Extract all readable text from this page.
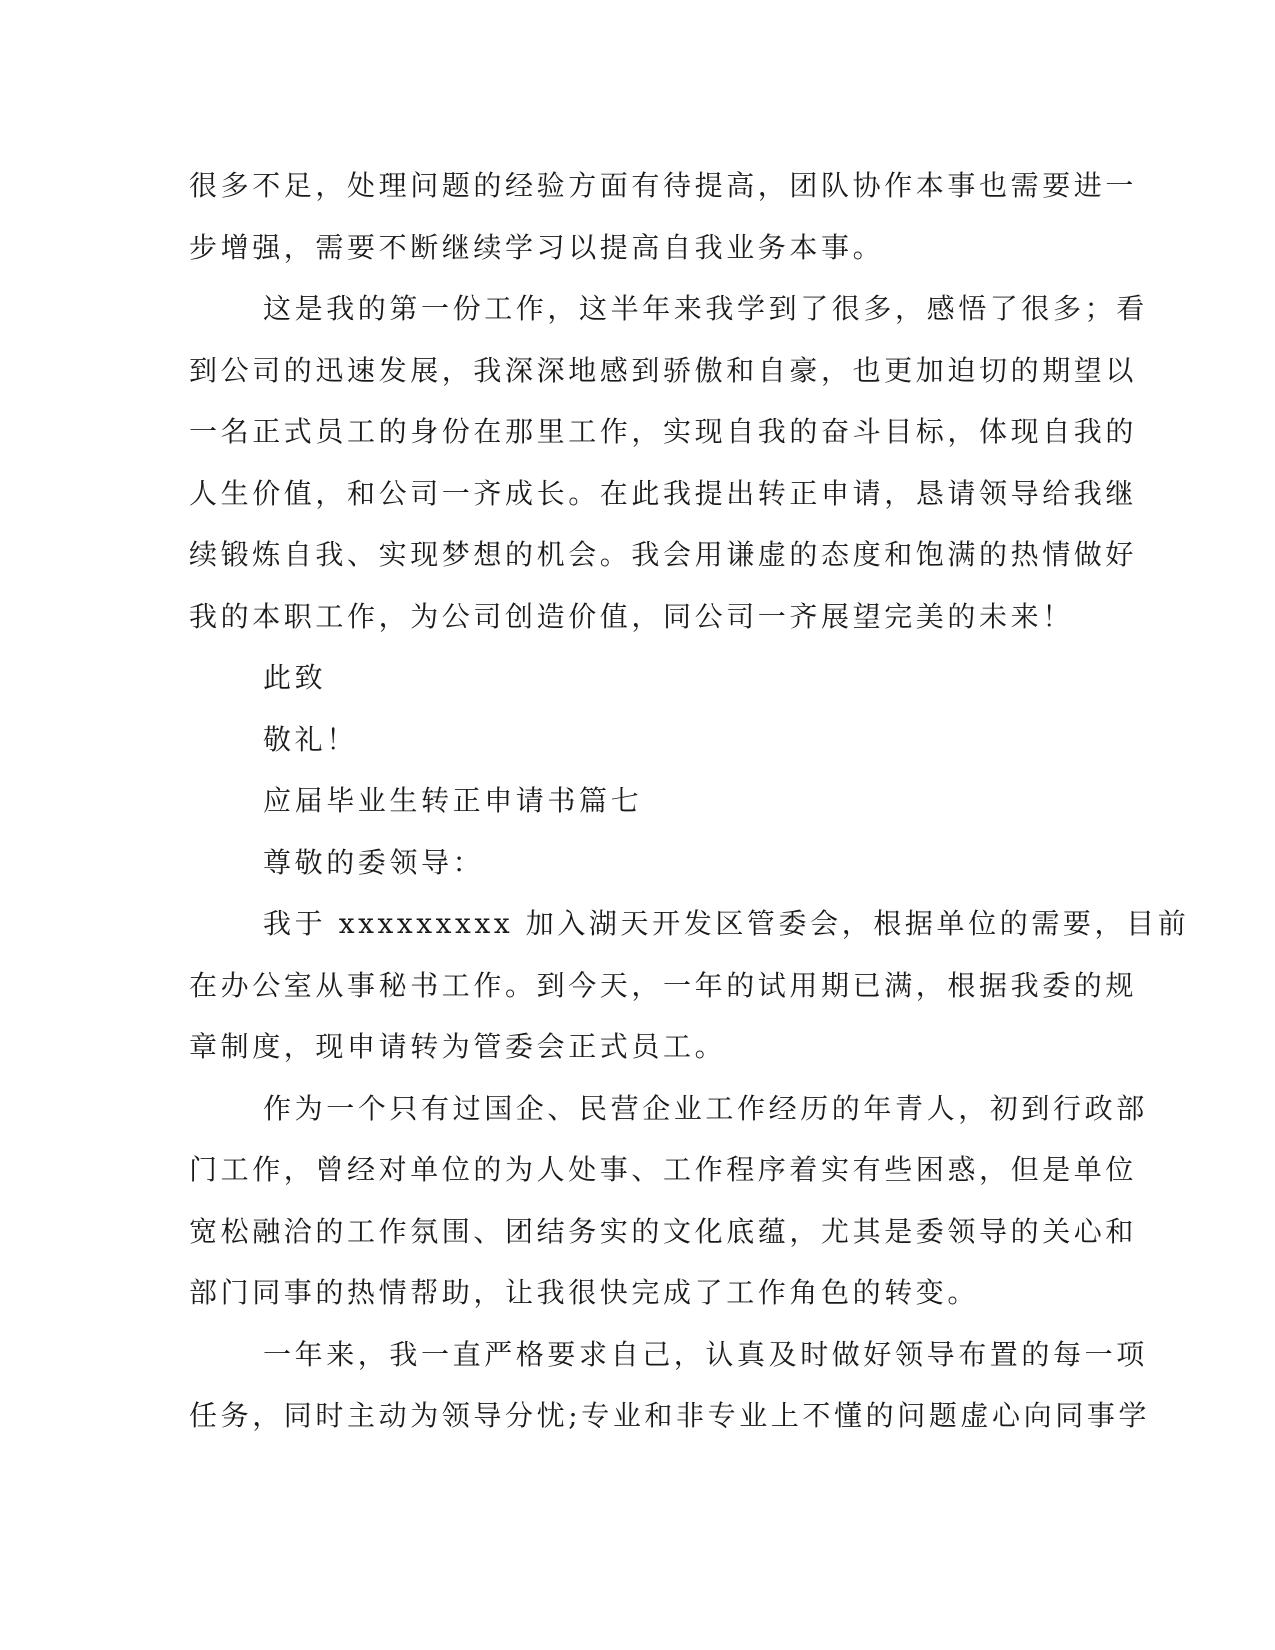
很多不足，处理问题的经验方面有待提高，团队协作本事也需要进一
步增强，需要不断继续学习以提高自我业务本事。
这是我的第一份工作，这半年来我学到了很多，感悟了很多；看
到公司的迅速发展，我深深地感到骄傲和自豪，也更加迫切的期望以
一名正式员工的身份在那里工作，实现自我的奋斗目标，体现自我的
人生价值，和公司一齐成长。在此我提出转正申请，恳请领导给我继
续锻炼自我、实现梦想的机会。我会用谦虚的态度和饱满的热情做好
我的本职工作，为公司创造价值，同公司一齐展望完美的未来！
此致
敬礼！
应届毕业生转正申请书篇七
尊敬的委领导：
我于 xxxxxxxxx 加入湖天开发区管委会，根据单位的需要，目前
在办公室从事秘书工作。到今天，一年的试用期已满，根据我委的规
章制度，现申请转为管委会正式员工。
作为一个只有过国企、民营企业工作经历的年青人，初到行政部
门工作，曾经对单位的为人处事、工作程序着实有些困惑，但是单位
宽松融洽的工作氛围、团结务实的文化底蕴，尤其是委领导的关心和
部门同事的热情帮助，让我很快完成了工作角色的转变。
一年来，我一直严格要求自己，认真及时做好领导布置的每一项
任务，同时主动为领导分忧;专业和非专业上不懂的问题虚心向同事学
